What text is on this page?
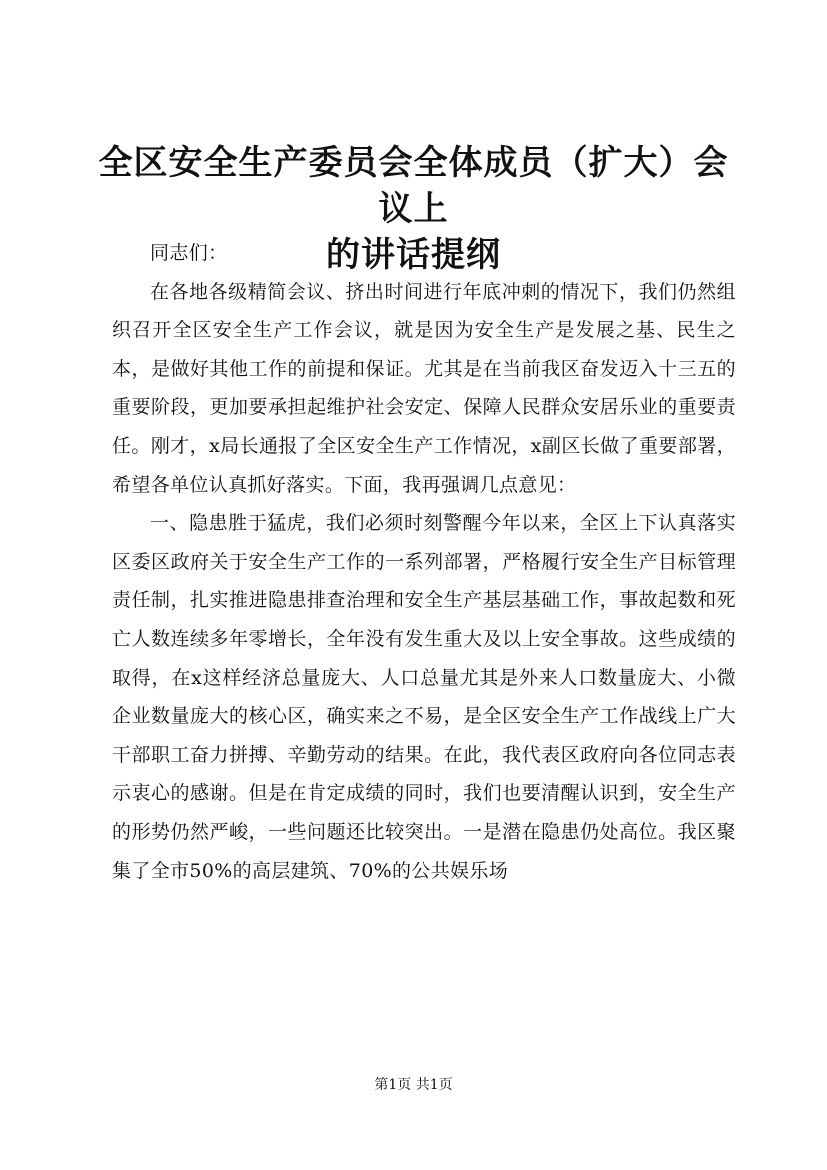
全区安全生产委员会全体成员（扩大）会议上
的讲话提纲

同志们：

在各地各级精简会议、挤出时间进行年底冲刺的情况下，我们仍然组织召开全区安全生产工作会议，就是因为安全生产是发展之基、民生之本，是做好其他工作的前提和保证。尤其是在当前我区奋发迈入十三五的重要阶段，更加要承担起维护社会安定、保障人民群众安居乐业的重要责任。刚才，x局长通报了全区安全生产工作情况，x副区长做了重要部署，希望各单位认真抓好落实。下面，我再强调几点意见：

一、隐患胜于猛虎，我们必须时刻警醒今年以来，全区上下认真落实区委区政府关于安全生产工作的一系列部署，严格履行安全生产目标管理责任制，扎实推进隐患排查治理和安全生产基层基础工作，事故起数和死亡人数连续多年零增长，全年没有发生重大及以上安全事故。这些成绩的取得，在x这样经济总量庞大、人口总量尤其是外来人口数量庞大、小微企业数量庞大的核心区，确实来之不易，是全区安全生产工作战线上广大干部职工奋力拼搏、辛勤劳动的结果。在此，我代表区政府向各位同志表示衷心的感谢。但是在肯定成绩的同时，我们也要清醒认识到，安全生产的形势仍然严峻，一些问题还比较突出。一是潜在隐患仍处高位。我区聚集了全市50%的高层建筑、70%的公共娱乐场

第1页 共1页
